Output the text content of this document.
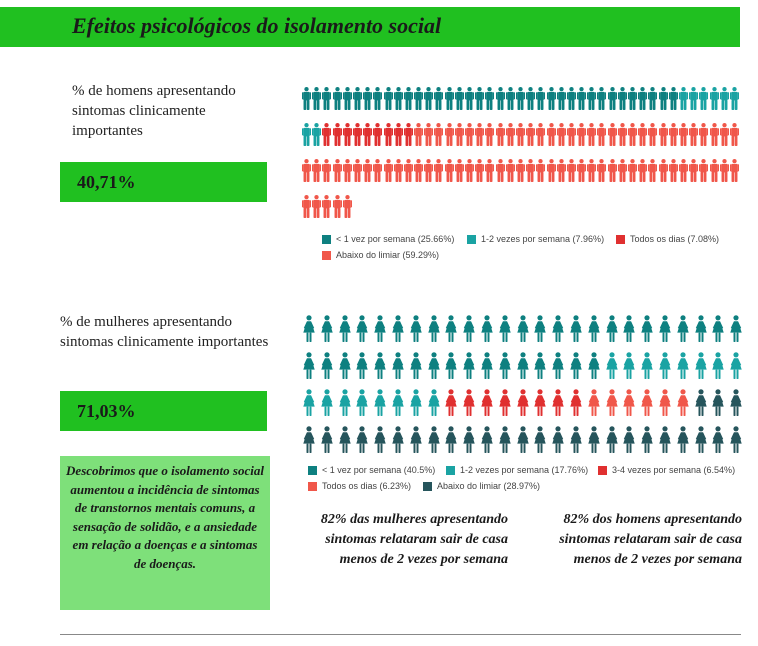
Efeitos psicológicos do isolamento social
% de homens apresentando sintomas clinicamente importantes
40,71%
< 1 vez por semana (25.66%)	1-2 vezes por semana (7.96%)	Todos os dias (7.08%)
Abaixo do limiar (59.29%)
% de mulheres apresentando sintomas clinicamente importantes
71,03%
< 1 vez por semana (40.5%)	1-2 vezes por semana (17.76%)	3-4 vezes por semana (6.54%)
Todos os dias (6.23%)	Abaixo do limiar (28.97%)
Descobrimos que o isolamento social aumentou a incidência de sintomas de transtornos mentais comuns, a sensação de solidão, e a ansiedade em relação a doenças e a sintomas de doenças.
82% das mulheres apresentando sintomas relataram sair de casa menos de 2 vezes por semana
82% dos homens apresentando sintomas relataram sair de casa menos de 2 vezes por semana
